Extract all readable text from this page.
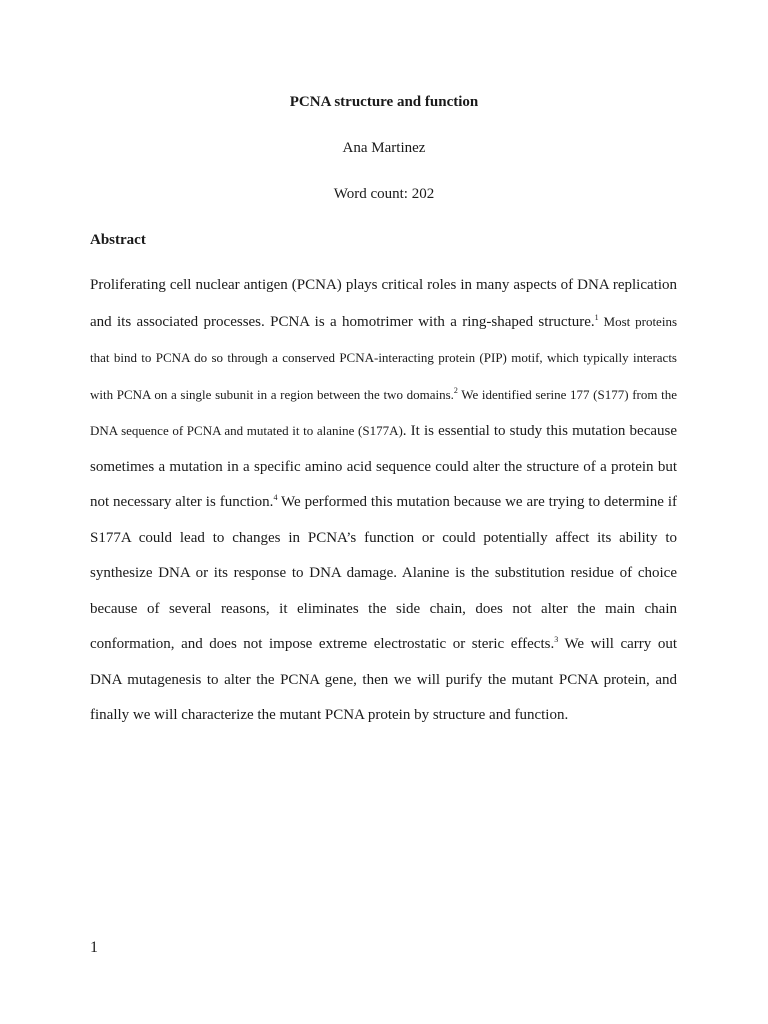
PCNA structure and function
Ana Martinez
Word count: 202
Abstract

Proliferating cell nuclear antigen (PCNA) plays critical roles in many aspects of DNA replication and its associated processes. PCNA is a homotrimer with a ring-shaped structure.$^1$ Most proteins that bind to PCNA do so through a conserved PCNA-interacting protein (PIP) motif, which typically interacts with PCNA on a single subunit in a region between the two domains.$^2$ We identified serine 177 (S177) from the DNA sequence of PCNA and mutated it to alanine (S177A). It is essential to study this mutation because sometimes a mutation in a specific amino acid sequence could alter the structure of a protein but not necessary alter is function.$^4$ We performed this mutation because we are trying to determine if S177A could lead to changes in PCNA’s function or could potentially affect its ability to synthesize DNA or its response to DNA damage. Alanine is the substitution residue of choice because of several reasons, it eliminates the side chain, does not alter the main chain conformation, and does not impose extreme electrostatic or steric effects.$^3$ We will carry out DNA mutagenesis to alter the PCNA gene, then we will purify the mutant PCNA protein, and finally we will characterize the mutant PCNA protein by structure and function.

1
